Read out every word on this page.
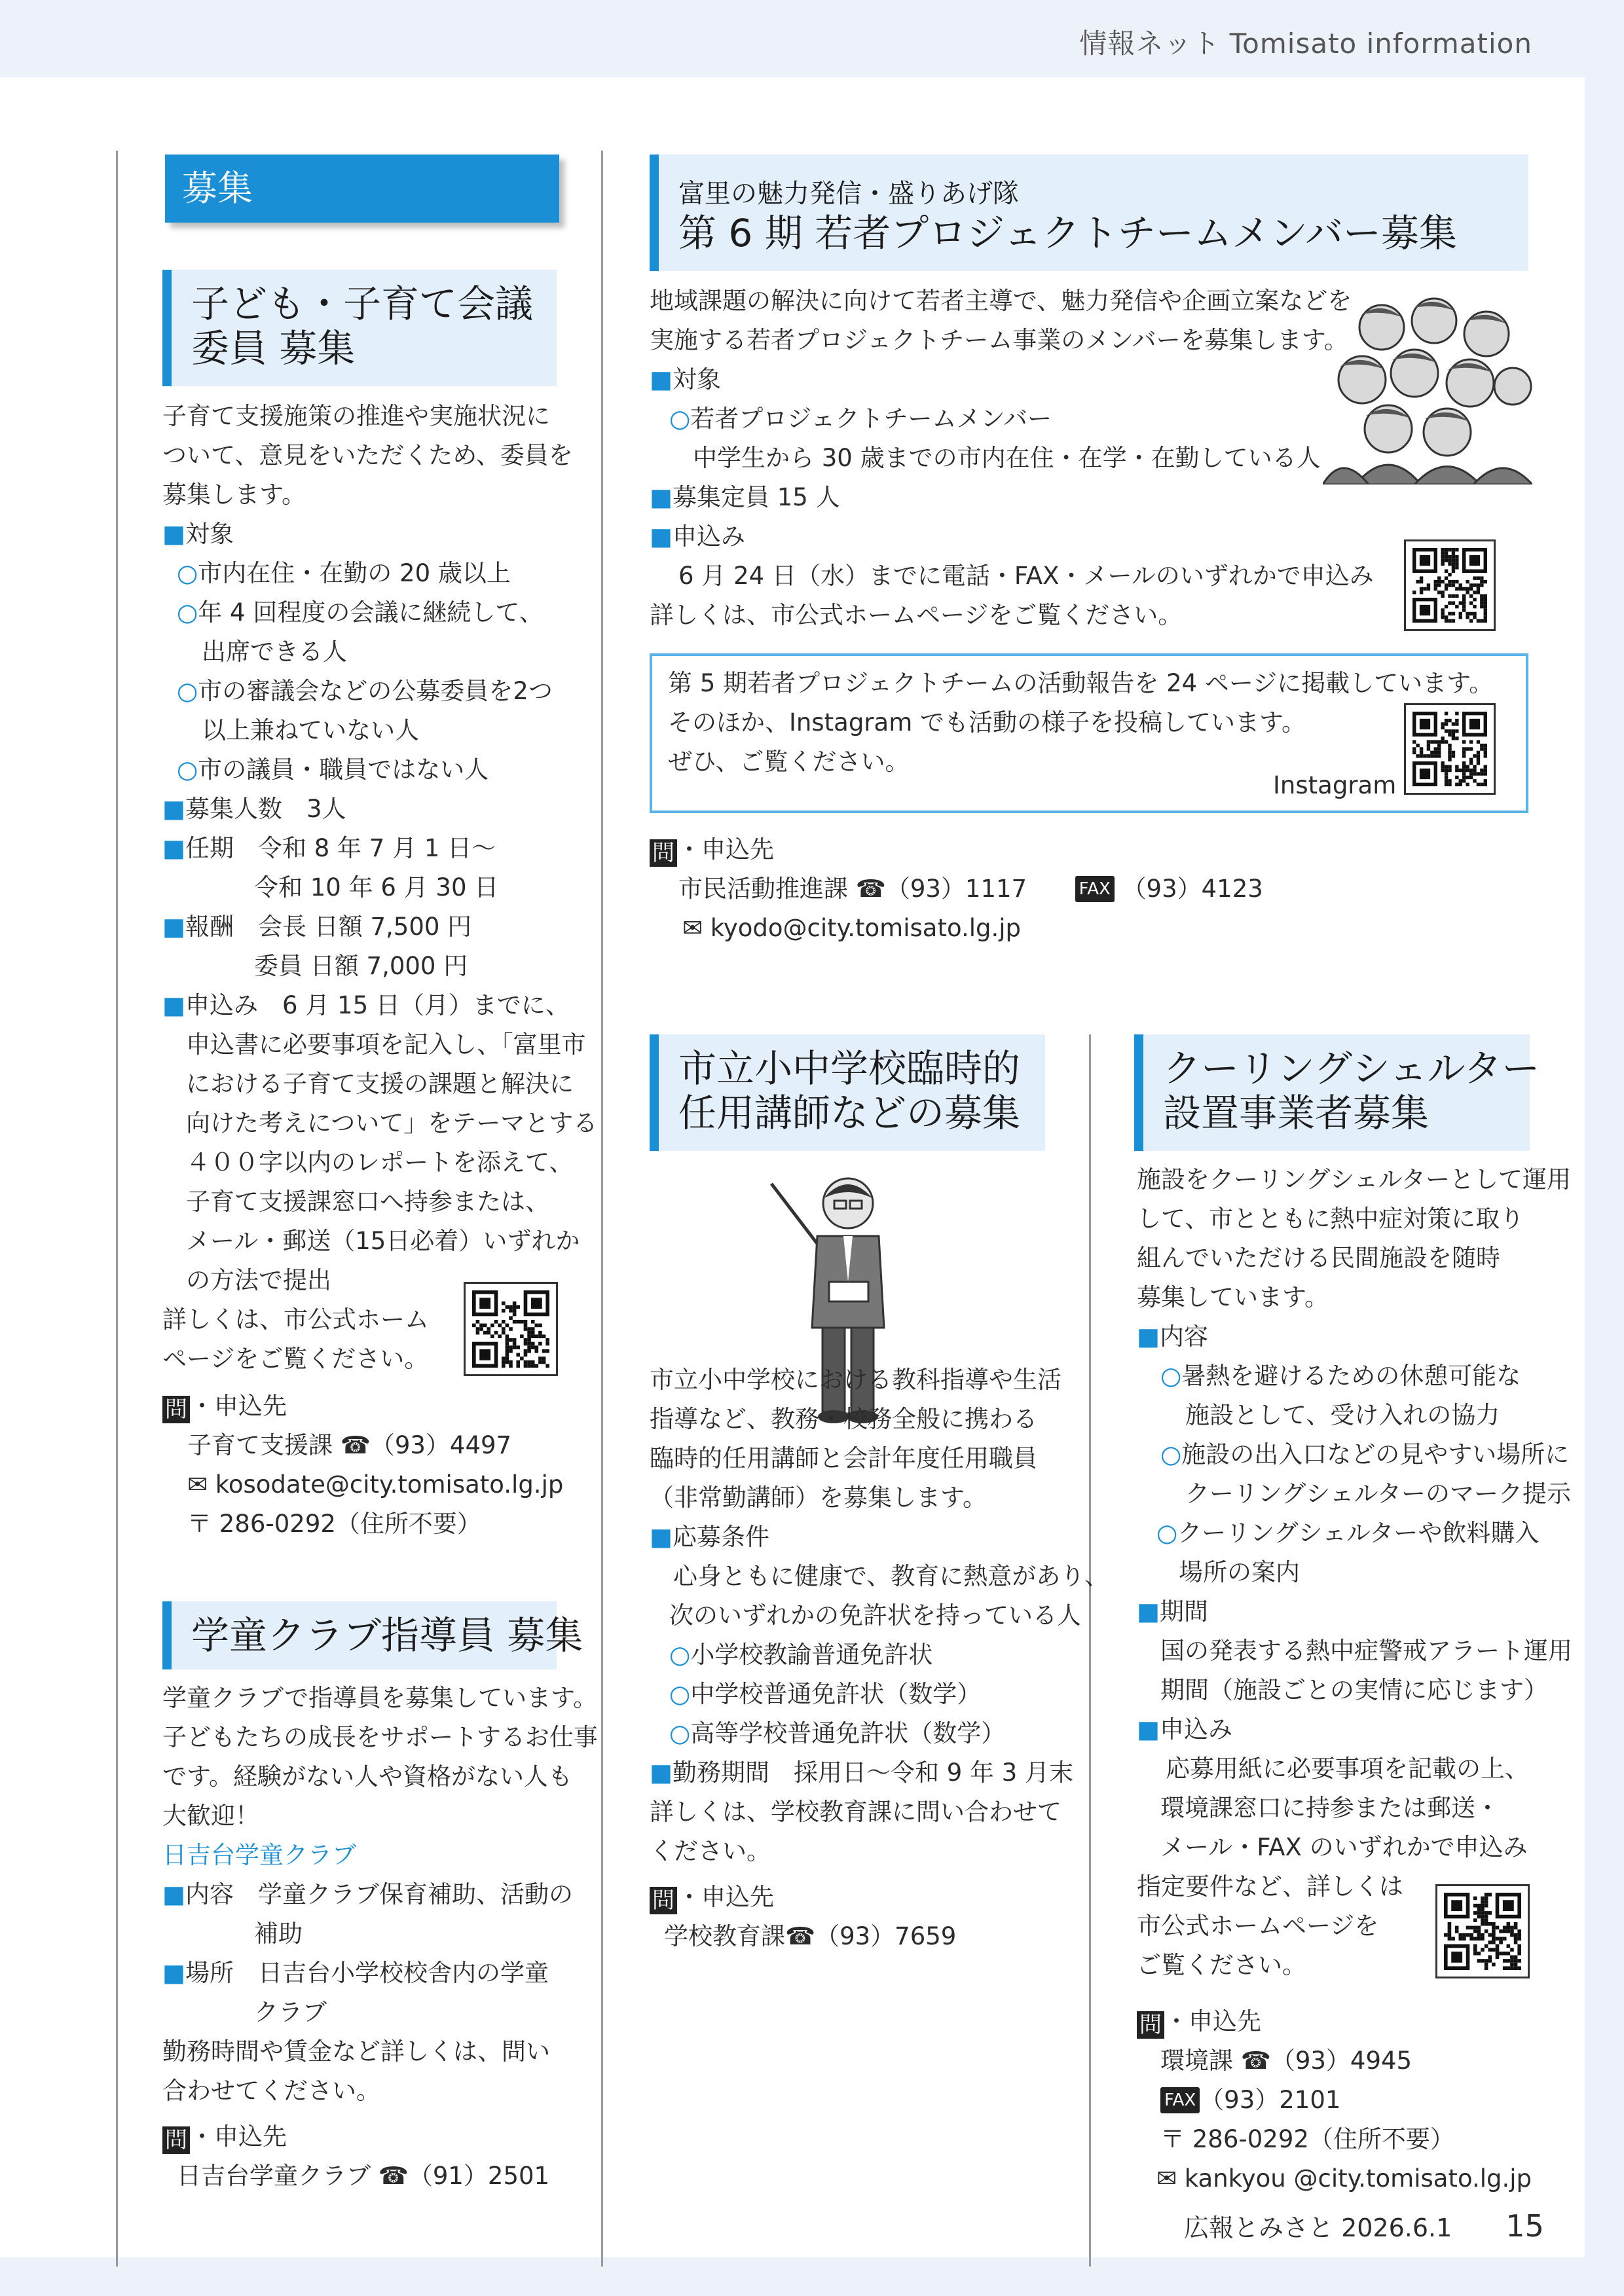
情報ネット Tomisato information
募集
子ども・子育て会議
委員 募集
子育て支援施策の推進や実施状況に
ついて、意見をいただくため、委員を
募集します。
■対象
○市内在住・在勤の 20 歳以上
○年 4 回程度の会議に継続して、
出席できる人
○市の審議会などの公募委員を2つ
以上兼ねていない人
○市の議員・職員ではない人
■募集人数　3人
■任期　令和 8 年 7 月 1 日～
令和 10 年 6 月 30 日
■報酬　会長 日額 7,500 円
委員 日額 7,000 円
■申込み　6 月 15 日（月）までに、
申込書に必要事項を記入し、「富里市
における子育て支援の課題と解決に
向けた考えについて」をテーマとする
４００字以内のレポートを添えて、
子育て支援課窓口へ持参または、
メール・郵送（15日必着）いずれか
の方法で提出
詳しくは、市公式ホーム
ページをご覧ください。
問 ・申込先
子育て支援課 ☎（93）4497
✉ kosodate@city.tomisato.lg.jp
〒 286-0292（住所不要）
学童クラブ指導員 募集
学童クラブで指導員を募集しています。
子どもたちの成長をサポートするお仕事
です。経験がない人や資格がない人も
大歓迎！
日吉台学童クラブ
■内容　学童クラブ保育補助、活動の
補助
■場所　日吉台小学校校舎内の学童
クラブ
勤務時間や賃金など詳しくは、問い
合わせてください。
問 ・申込先
日吉台学童クラブ ☎（91）2501
富里の魅力発信・盛りあげ隊
第 6 期 若者プロジェクトチームメンバー募集
地域課題の解決に向けて若者主導で、魅力発信や企画立案などを
実施する若者プロジェクトチーム事業のメンバーを募集します。
■対象
○若者プロジェクトチームメンバー
中学生から 30 歳までの市内在住・在学・在勤している人
■募集定員 15 人
■申込み
6 月 24 日（水）までに電話・FAX・メールのいずれかで申込み
詳しくは、市公式ホームページをご覧ください。
第 5 期若者プロジェクトチームの活動報告を 24 ページに掲載しています。
そのほか、Instagram でも活動の様子を投稿しています。
ぜひ、ご覧ください。
Instagram
問 ・申込先
市民活動推進課 ☎（93）1117	FAX （93）4123
✉ kyodo@city.tomisato.lg.jp
市立小中学校臨時的
任用講師などの募集
市立小中学校における教科指導や生活
指導など、教務・校務全般に携わる
臨時的任用講師と会計年度任用職員
（非常勤講師）を募集します。
■応募条件
心身ともに健康で、教育に熱意があり、
次のいずれかの免許状を持っている人
○小学校教諭普通免許状
○中学校普通免許状（数学）
○高等学校普通免許状（数学）
■勤務期間　採用日～令和 9 年 3 月末
詳しくは、学校教育課に問い合わせて
ください。
問 ・申込先
学校教育課☎（93）7659
クーリングシェルター
設置事業者募集
施設をクーリングシェルターとして運用
して、市とともに熱中症対策に取り
組んでいただける民間施設を随時
募集しています。
■内容
○暑熱を避けるための休憩可能な
施設として、受け入れの協力
○施設の出入口などの見やすい場所に
クーリングシェルターのマーク提示
○クーリングシェルターや飲料購入
場所の案内
■期間
国の発表する熱中症警戒アラート運用
期間（施設ごとの実情に応じます）
■申込み
応募用紙に必要事項を記載の上、
環境課窓口に持参または郵送・
メール・FAX のいずれかで申込み
指定要件など、詳しくは
市公式ホームページを
ご覧ください。
問 ・申込先
環境課 ☎（93）4945
FAX （93）2101
〒 286-0292（住所不要）
✉ kankyou @city.tomisato.lg.jp
広報とみさと 2026.6.1 15
